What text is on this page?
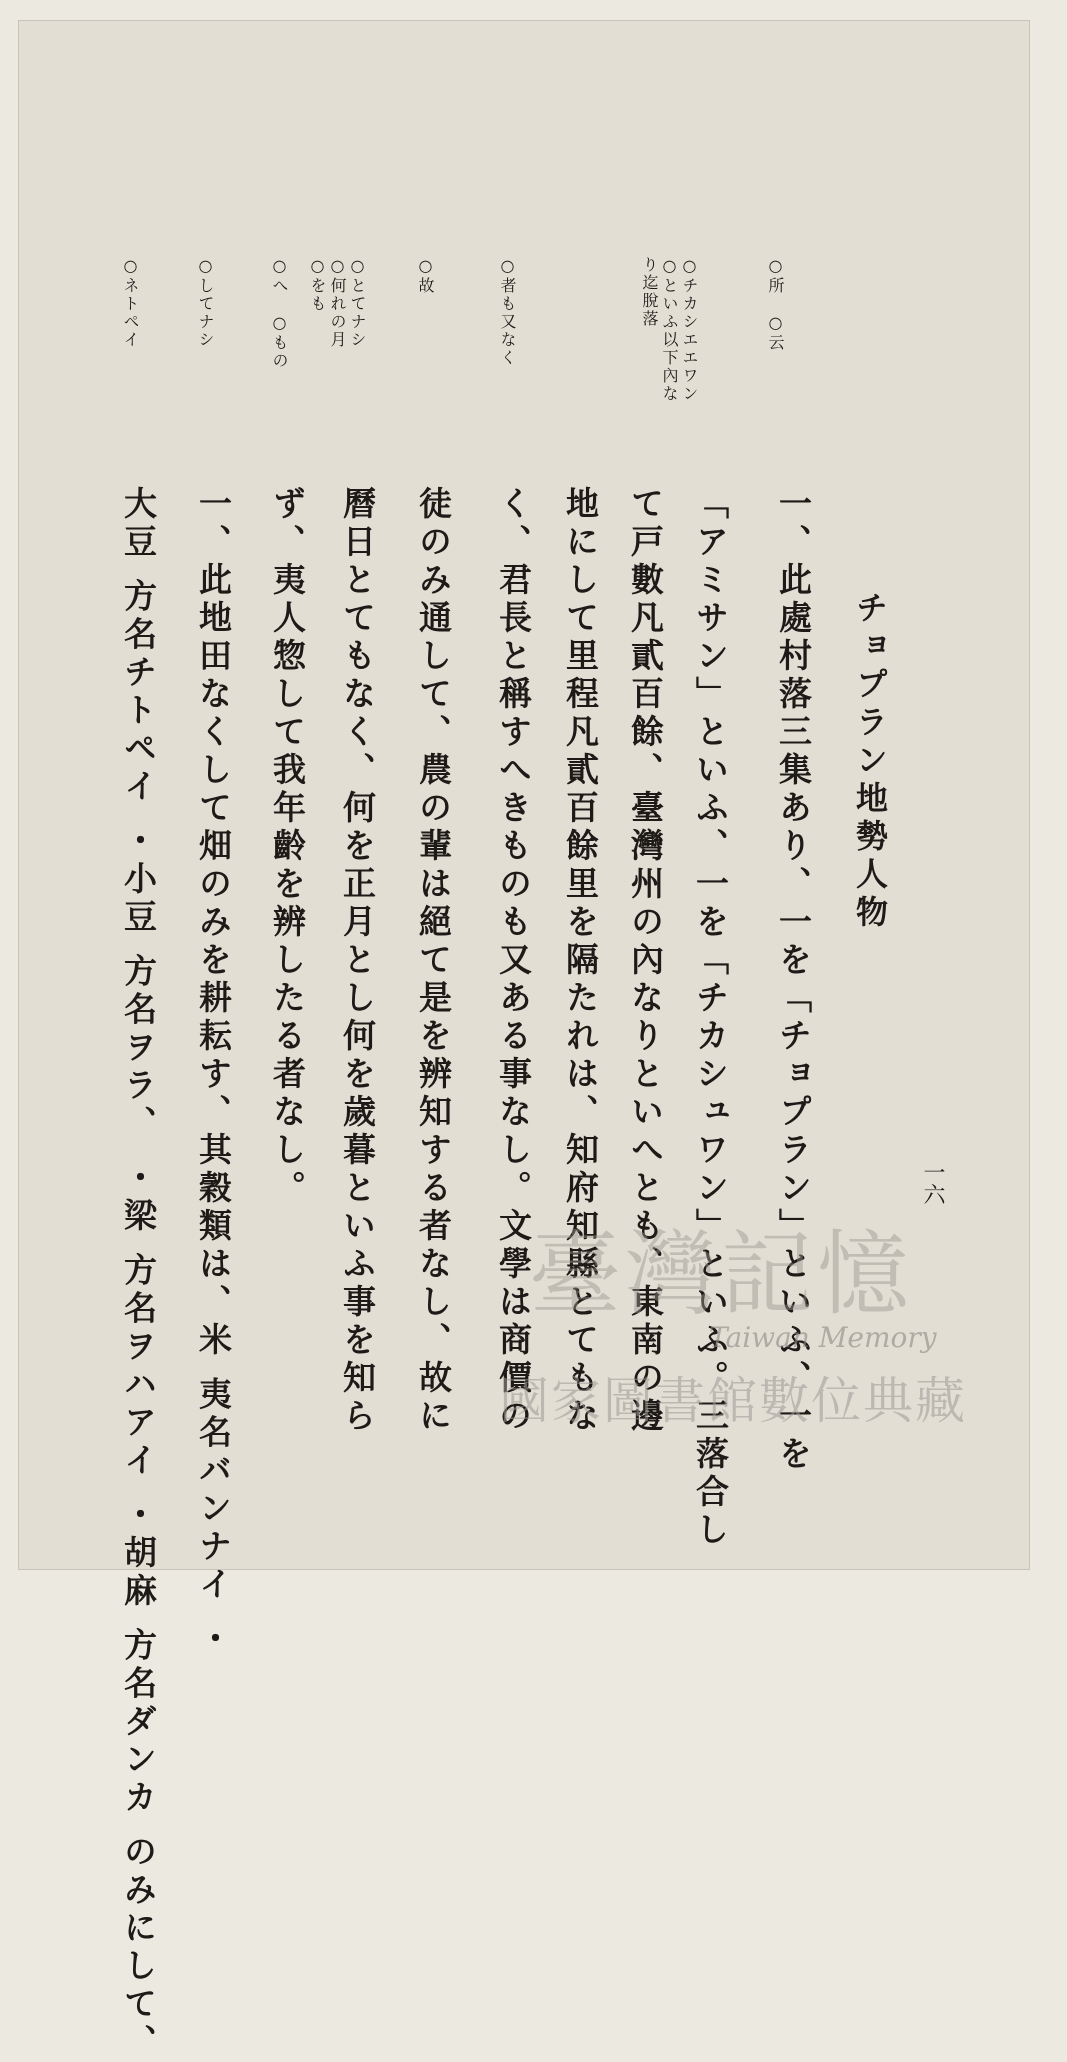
一六
チョプラン地勢人物
一、此處村落三集あり、一を「チョプラン」といふ、一を
「アミサン」といふ、一を「チカシュワン」といふ。三落合し
て戸數凡貳百餘、臺灣州の內なりといへとも、東南の邊
地にして里程凡貳百餘里を隔たれは、知府知縣とてもな
く、君長と稱すへきものも又ある事なし。文學は商價の
徒のみ通して、農の輩は絕て是を辨知する者なし、故に
曆日とてもなく、何を正月とし何を歲暮といふ事を知ら
ず、夷人惣して我年齡を辨したる者なし。
一、此地田なくして畑のみを耕耘す、其穀類は、米 夷名バンナイ ・
大豆 方名チトペイ ・小豆 方名ヲラ、 ・梁 方名ヲハアイ ・胡麻 方名ダンカ のみにして、
○所　○云
○チカシエエワン
○といふ以下內な
り迄脫落
○者も又なく
○故
○とてナシ
○何れの月
○をも
○へ　○もの
○してナシ
○ネトペイ
臺灣記憶
Taiwan Memory
國家圖書館數位典藏
